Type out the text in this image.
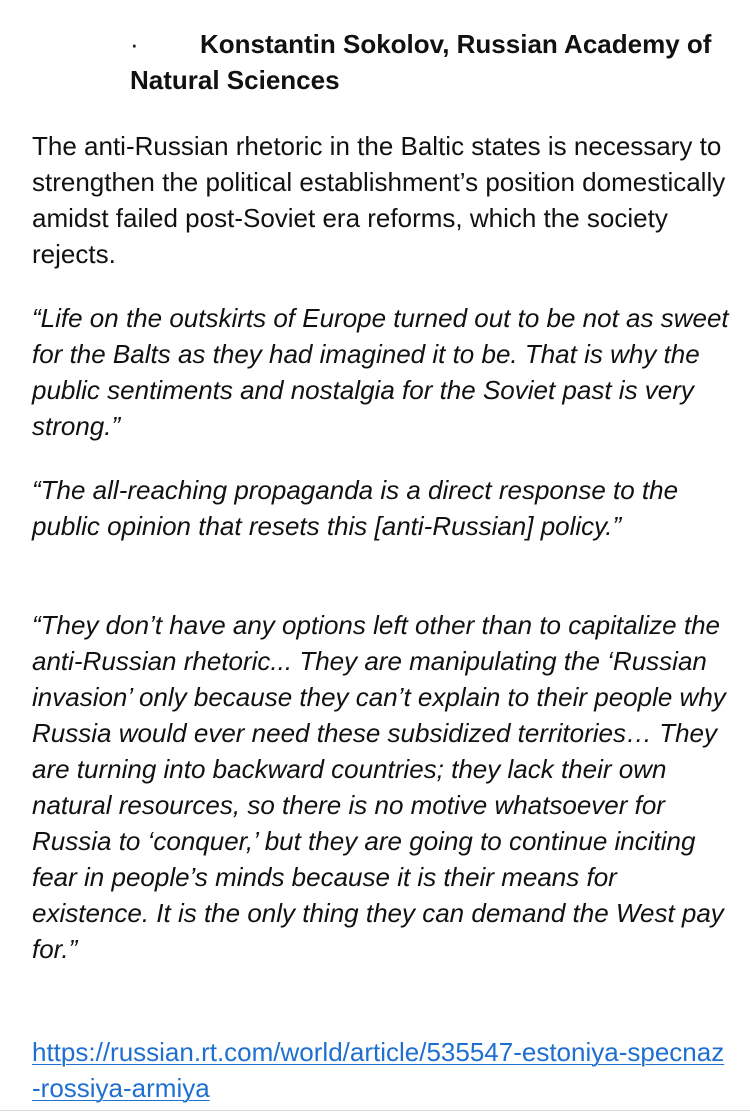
· Konstantin Sokolov, Russian Academy of Natural Sciences

The anti-Russian rhetoric in the Baltic states is necessary to strengthen the political establishment’s position domestically amidst failed post-Soviet era reforms, which the society rejects.

“Life on the outskirts of Europe turned out to be not as sweet for the Balts as they had imagined it to be. That is why the public sentiments and nostalgia for the Soviet past is very strong.”

“The all-reaching propaganda is a direct response to the public opinion that resets this [anti-Russian] policy.”

“They don’t have any options left other than to capitalize the anti-Russian rhetoric... They are manipulating the ‘Russian invasion’ only because they can’t explain to their people why Russia would ever need these subsidized territories… They are turning into backward countries; they lack their own natural resources, so there is no motive whatsoever for Russia to ‘conquer,’ but they are going to continue inciting fear in people’s minds because it is their means for existence. It is the only thing they can demand the West pay for.”

https://russian.rt.com/world/article/535547-estoniya-specnaz-rossiya-armiya
